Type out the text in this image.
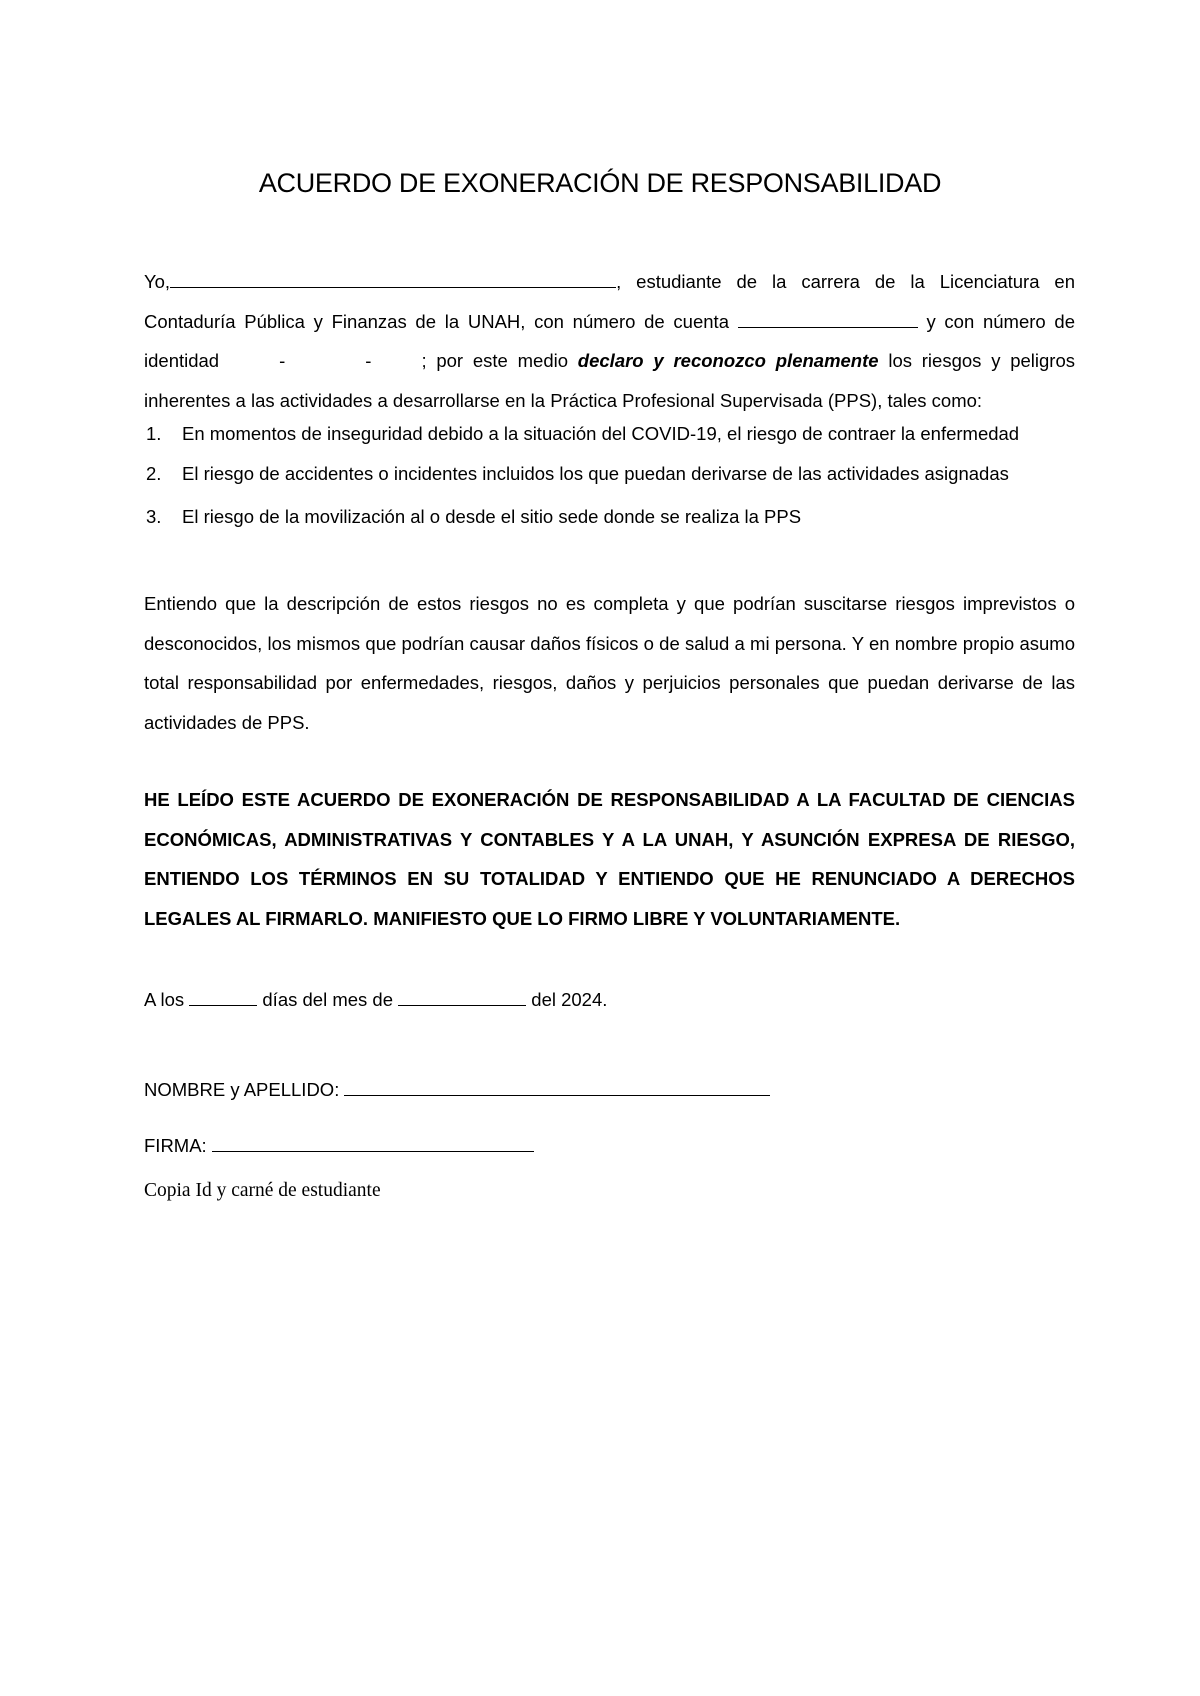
ACUERDO DE EXONERACIÓN DE RESPONSABILIDAD
Yo,	, estudiante de la carrera de la Licenciatura en Contaduría Pública y Finanzas de la UNAH, con número de cuenta	y con número de identidad	-	-	; por este medio declaro y reconozco plenamente los riesgos y peligros inherentes a las actividades a desarrollarse en la Práctica Profesional Supervisada (PPS), tales como:
1. En momentos de inseguridad debido a la situación del COVID-19, el riesgo de contraer la enfermedad
2. El riesgo de accidentes o incidentes incluidos los que puedan derivarse de las actividades asignadas
3. El riesgo de la movilización al o desde el sitio sede donde se realiza la PPS
Entiendo que la descripción de estos riesgos no es completa y que podrían suscitarse riesgos imprevistos o desconocidos, los mismos que podrían causar daños físicos o de salud a mi persona. Y en nombre propio asumo total responsabilidad por enfermedades, riesgos, daños y perjuicios personales que puedan derivarse de las actividades de PPS.
HE LEÍDO ESTE ACUERDO DE EXONERACIÓN DE RESPONSABILIDAD A LA FACULTAD DE CIENCIAS ECONÓMICAS, ADMINISTRATIVAS Y CONTABLES Y A LA UNAH, Y ASUNCIÓN EXPRESA DE RIESGO, ENTIENDO LOS TÉRMINOS EN SU TOTALIDAD Y ENTIENDO QUE HE RENUNCIADO A DERECHOS LEGALES AL FIRMARLO. MANIFIESTO QUE LO FIRMO LIBRE Y VOLUNTARIAMENTE.
A los	días del mes de	del 2024.
NOMBRE y APELLIDO:
FIRMA:
Copia Id y carné de estudiante
